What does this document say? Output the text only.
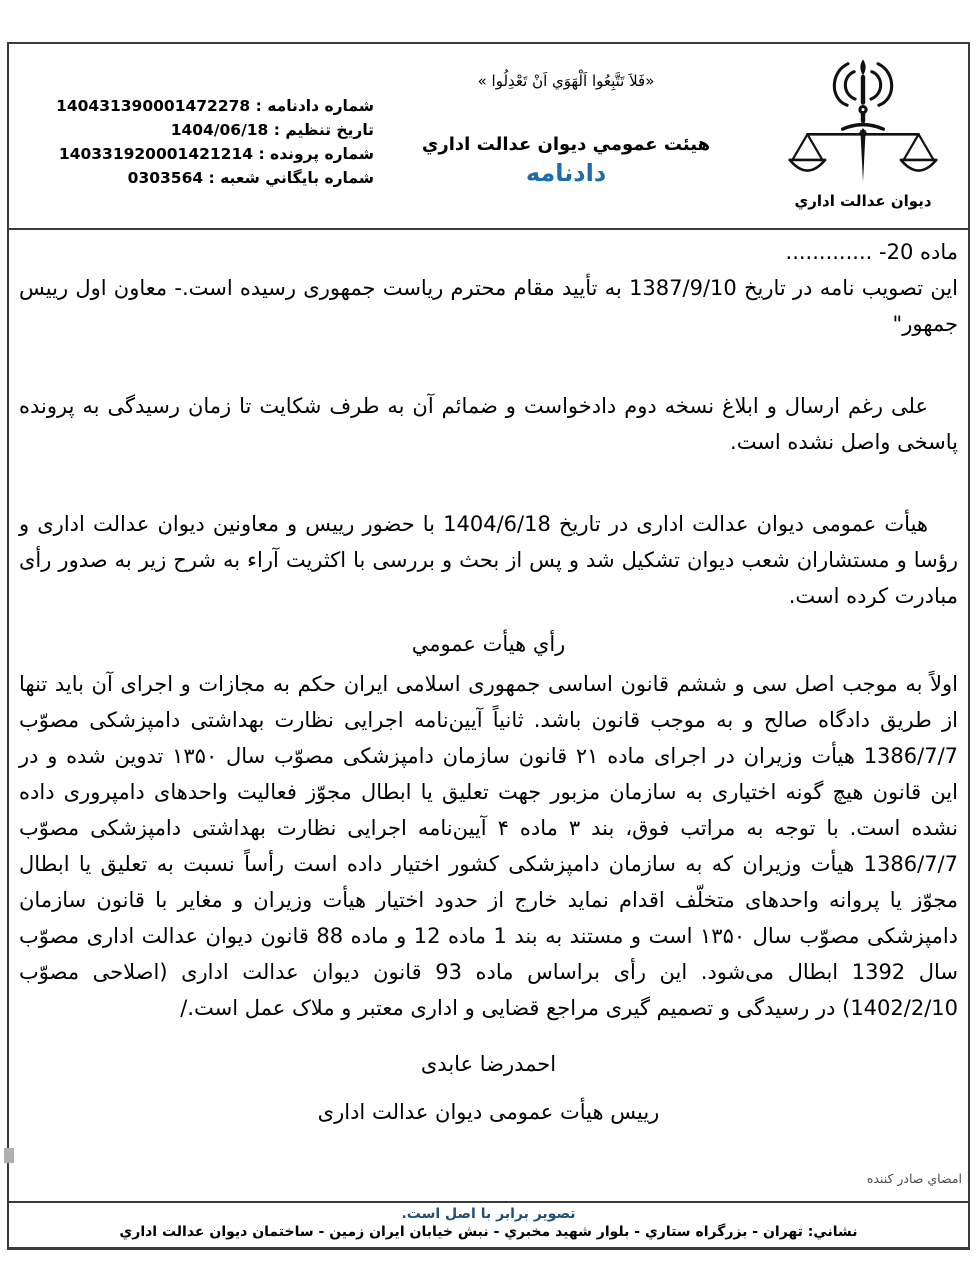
ديوان عدالت اداري
«فَلاَ تَتَّبِعُوا اَلْهَوَي اَنْ تَعْدِلُوا »
هيئت عمومي ديوان عدالت اداري
دادنامه
شماره دادنامه : 140431390001472278
تاريخ تنظيم : 1404/06/18
شماره پرونده : 140331920001421214
شماره بايگاني شعبه : 0303564

ماده 20- .............

اين تصويب نامه در تاريخ 1387/9/10 به تأييد مقام محترم رياست جمهوری رسيده است.- معاون اول رييس جمهور"

علی رغم ارسال و ابلاغ نسخه دوم دادخواست و ضمائم آن به طرف شکايت تا زمان رسيدگی به پرونده پاسخی واصل نشده است.

هيأت عمومی ديوان عدالت اداری در تاريخ 1404/6/18 با حضور رييس و معاونين ديوان عدالت اداری و رؤسا و مستشاران شعب ديوان تشکيل شد و پس از بحث و بررسی با اکثريت آراء به شرح زير به صدور رأی مبادرت کرده است.

رأي هيأت عمومي

اولاً به موجب اصل سی و ششم قانون اساسی جمهوری اسلامی ايران حکم به مجازات و اجرای آن بايد تنها از طريق دادگاه صالح و به موجب قانون باشد. ثانياً آيين‌نامه اجرايی نظارت بهداشتی دامپزشکی مصوّب 1386/7/7 هيأت وزيران در اجرای ماده ۲۱ قانون سازمان دامپزشکی مصوّب سال ۱۳۵۰ تدوين شده و در اين قانون هيچ گونه اختياری به سازمان مزبور جهت تعليق يا ابطال مجوّز فعاليت واحدهای دامپروری داده نشده است. با توجه به مراتب فوق، بند ۳ ماده ۴ آيين‌نامه اجرايی نظارت بهداشتی دامپزشکی مصوّب 1386/7/7 هيأت وزيران که به سازمان دامپزشکی کشور اختيار داده است رأساً نسبت به تعليق يا ابطال مجوّز يا پروانه واحدهای متخلّف اقدام نمايد خارج از حدود اختيار هيأت وزيران و مغاير با قانون سازمان دامپزشکی مصوّب سال ۱۳۵۰ است و مستند به بند 1 ماده 12 و ماده 88 قانون ديوان عدالت اداری مصوّب سال 1392 ابطال می‌شود. اين رأی براساس ماده 93 قانون ديوان عدالت اداری (اصلاحی مصوّب 1402/2/10) در رسيدگی و تصميم گيری مراجع قضايی و اداری معتبر و ملاک عمل است./

احمدرضا عابدی

رييس هيأت عمومی ديوان عدالت اداری

امضاي صادر كننده
تصوير برابر با اصل است.
نشاني: تهران - بزرگراه ستاري - بلوار شهيد مخبري - نبش خيابان ايران زمين - ساختمان ديوان عدالت اداري
